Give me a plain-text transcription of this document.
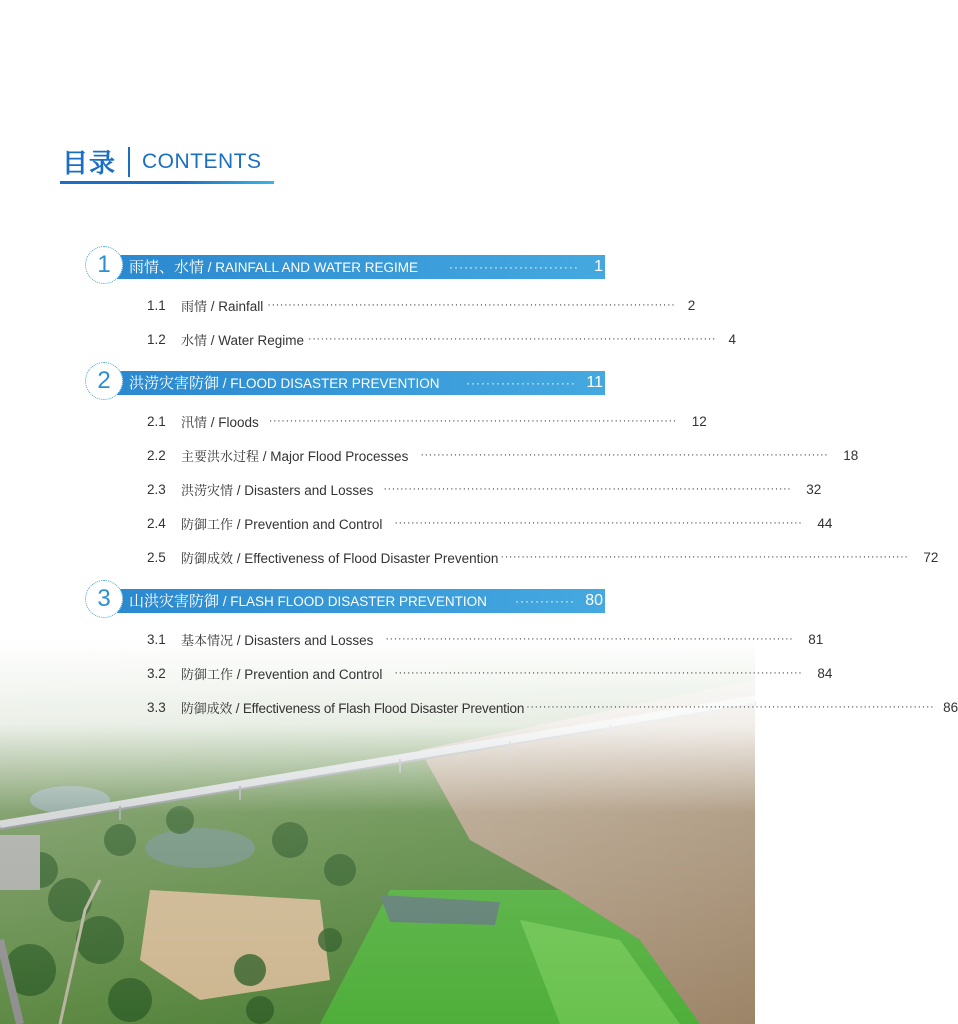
目录 CONTENTS
1 雨情、水情 / RAINFALL AND WATER REGIME	·························· 1
1.1	雨情 / Rainfall ·································································································· 2
1.2	水情 / Water Regime ·································································································· 4
2 洪涝灾害防御 / FLOOD DISASTER PREVENTION ······················ 11
2.1	汛情 / Floods ·································································································· 12
2.2	主要洪水过程 / Major Flood Processes ·································································································· 18
2.3	洪涝灾情 / Disasters and Losses ·································································································· 32
2.4	防御工作 / Prevention and Control ·································································································· 44
2.5	防御成效 / Effectiveness of Flood Disaster Prevention ·································································································· 72
3 山洪灾害防御 / FLASH FLOOD DISASTER PREVENTION ············ 80
3.1	基本情况 / Disasters and Losses ·································································································· 81
3.2	防御工作 / Prevention and Control ·································································································· 84
3.3	防御成效 / Effectiveness of Flash Flood Disaster Prevention ·································································································· 86
